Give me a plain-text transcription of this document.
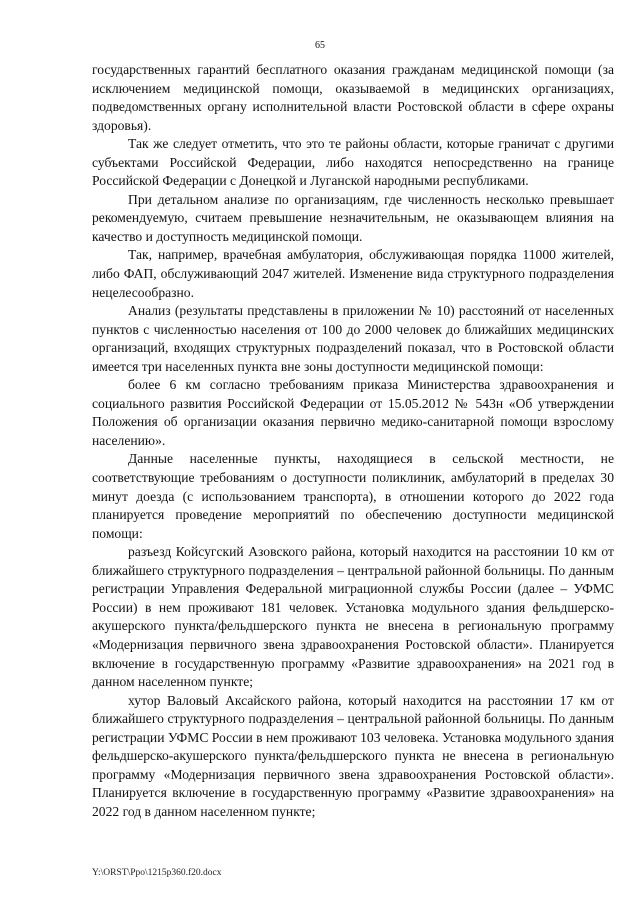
65

государственных гарантий бесплатного оказания гражданам медицинской помощи (за исключением медицинской помощи, оказываемой в медицинских организациях, подведомственных органу исполнительной власти Ростовской области в сфере охраны здоровья).

Так же следует отметить, что это те районы области, которые граничат с другими субъектами Российской Федерации, либо находятся непосредственно на границе Российской Федерации с Донецкой и Луганской народными республиками.

При детальном анализе по организациям, где численность несколько превышает рекомендуемую, считаем превышение незначительным, не оказывающем влияния на качество и доступность медицинской помощи.

Так, например, врачебная амбулатория, обслуживающая порядка 11000 жителей, либо ФАП, обслуживающий 2047 жителей. Изменение вида структурного подразделения нецелесообразно.

Анализ (результаты представлены в приложении № 10) расстояний от населенных пунктов с численностью населения от 100 до 2000 человек до ближайших медицинских организаций, входящих структурных подразделений показал, что в Ростовской области имеется три населенных пункта вне зоны доступности медицинской помощи:

более 6 км согласно требованиям приказа Министерства здравоохранения и социального развития Российской Федерации от 15.05.2012 № 543н «Об утверждении Положения об организации оказания первично медико-санитарной помощи взрослому населению».

Данные населенные пункты, находящиеся в сельской местности, не соответствующие требованиям о доступности поликлиник, амбулаторий в пределах 30 минут доезда (с использованием транспорта), в отношении которого до 2022 года планируется проведение мероприятий по обеспечению доступности медицинской помощи:

разъезд Койсугский Азовского района, который находится на расстоянии 10 км от ближайшего структурного подразделения – центральной районной больницы. По данным регистрации Управления Федеральной миграционной службы России (далее – УФМС России) в нем проживают 181 человек. Установка модульного здания фельдшерско-акушерского пункта/фельдшерского пункта не внесена в региональную программу «Модернизация первичного звена здравоохранения Ростовской области». Планируется включение в государственную программу «Развитие здравоохранения» на 2021 год в данном населенном пункте;

хутор Валовый Аксайского района, который находится на расстоянии 17 км от ближайшего структурного подразделения – центральной районной больницы. По данным регистрации УФМС России в нем проживают 103 человека. Установка модульного здания фельдшерско-акушерского пункта/фельдшерского пункта не внесена в региональную программу «Модернизация первичного звена здравоохранения Ростовской области». Планируется включение в государственную программу «Развитие здравоохранения» на 2022 год в данном населенном пункте;

Y:\ORST\Ppo\1215p360.f20.docx
